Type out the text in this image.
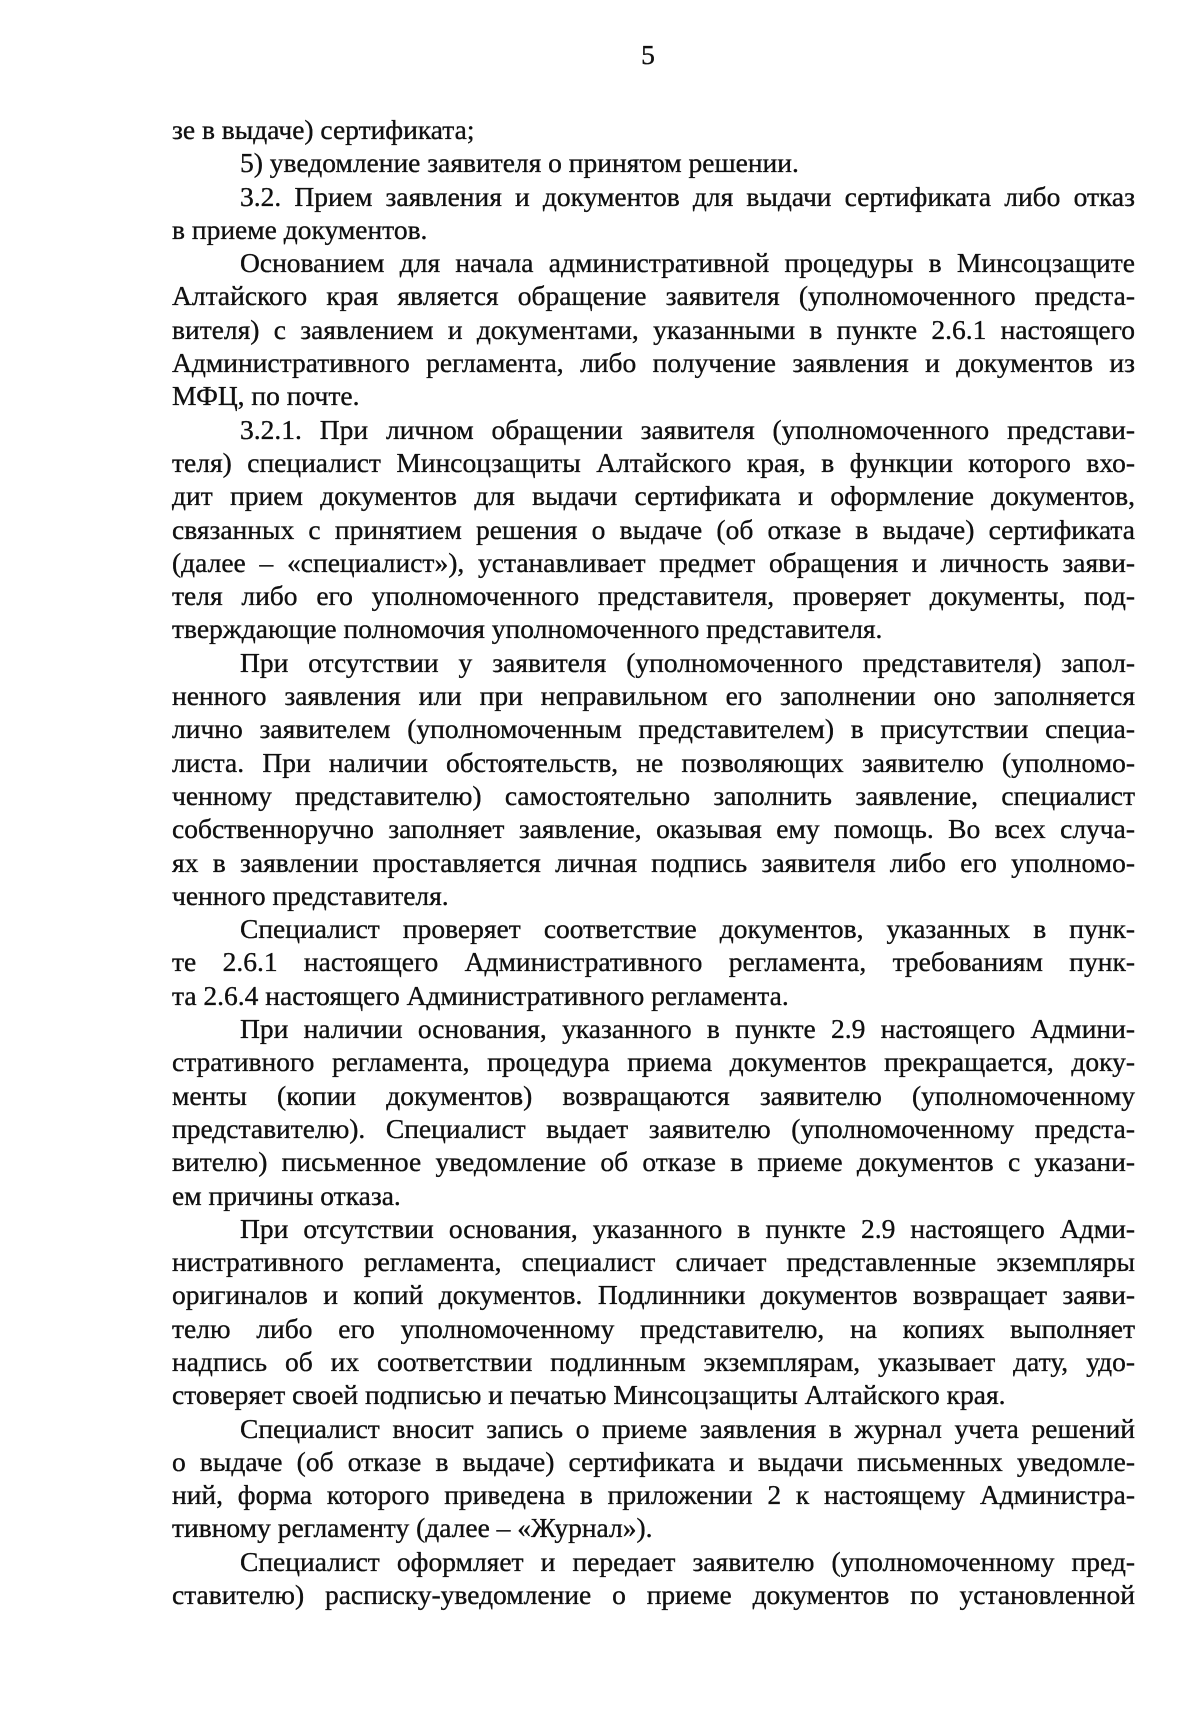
5
зе в выдаче) сертификата;
5) уведомление заявителя о принятом решении.
3.2. Прием заявления и документов для выдачи сертификата либо отказ
в приеме документов.
Основанием для начала административной процедуры в Минсоцзащите
Алтайского края является обращение заявителя (уполномоченного предста-
вителя) с заявлением и документами, указанными в пункте 2.6.1 настоящего
Административного регламента, либо получение заявления и документов из
МФЦ, по почте.
3.2.1. При личном обращении заявителя (уполномоченного представи-
теля) специалист Минсоцзащиты Алтайского края, в функции которого вхо-
дит прием документов для выдачи сертификата и оформление документов,
связанных с принятием решения о выдаче (об отказе в выдаче) сертификата
(далее – «специалист»), устанавливает предмет обращения и личность заяви-
теля либо его уполномоченного представителя, проверяет документы, под-
тверждающие полномочия уполномоченного представителя.
При отсутствии у заявителя (уполномоченного представителя) запол-
ненного заявления или при неправильном его заполнении оно заполняется
лично заявителем (уполномоченным представителем) в присутствии специа-
листа. При наличии обстоятельств, не позволяющих заявителю (уполномо-
ченному представителю) самостоятельно заполнить заявление, специалист
собственноручно заполняет заявление, оказывая ему помощь. Во всех случа-
ях в заявлении проставляется личная подпись заявителя либо его уполномо-
ченного представителя.
Специалист проверяет соответствие документов, указанных в пунк-
те 2.6.1 настоящего Административного регламента, требованиям пунк-
та 2.6.4 настоящего Административного регламента.
При наличии основания, указанного в пункте 2.9 настоящего Админи-
стративного регламента, процедура приема документов прекращается, доку-
менты (копии документов) возвращаются заявителю (уполномоченному
представителю). Специалист выдает заявителю (уполномоченному предста-
вителю) письменное уведомление об отказе в приеме документов с указани-
ем причины отказа.
При отсутствии основания, указанного в пункте 2.9 настоящего Адми-
нистративного регламента, специалист сличает представленные экземпляры
оригиналов и копий документов. Подлинники документов возвращает заяви-
телю либо его уполномоченному представителю, на копиях выполняет
надпись об их соответствии подлинным экземплярам, указывает дату, удо-
стоверяет своей подписью и печатью Минсоцзащиты Алтайского края.
Специалист вносит запись о приеме заявления в журнал учета решений
о выдаче (об отказе в выдаче) сертификата и выдачи письменных уведомле-
ний, форма которого приведена в приложении 2 к настоящему Администра-
тивному регламенту (далее – «Журнал»).
Специалист оформляет и передает заявителю (уполномоченному пред-
ставителю) расписку-уведомление о приеме документов по установленной
